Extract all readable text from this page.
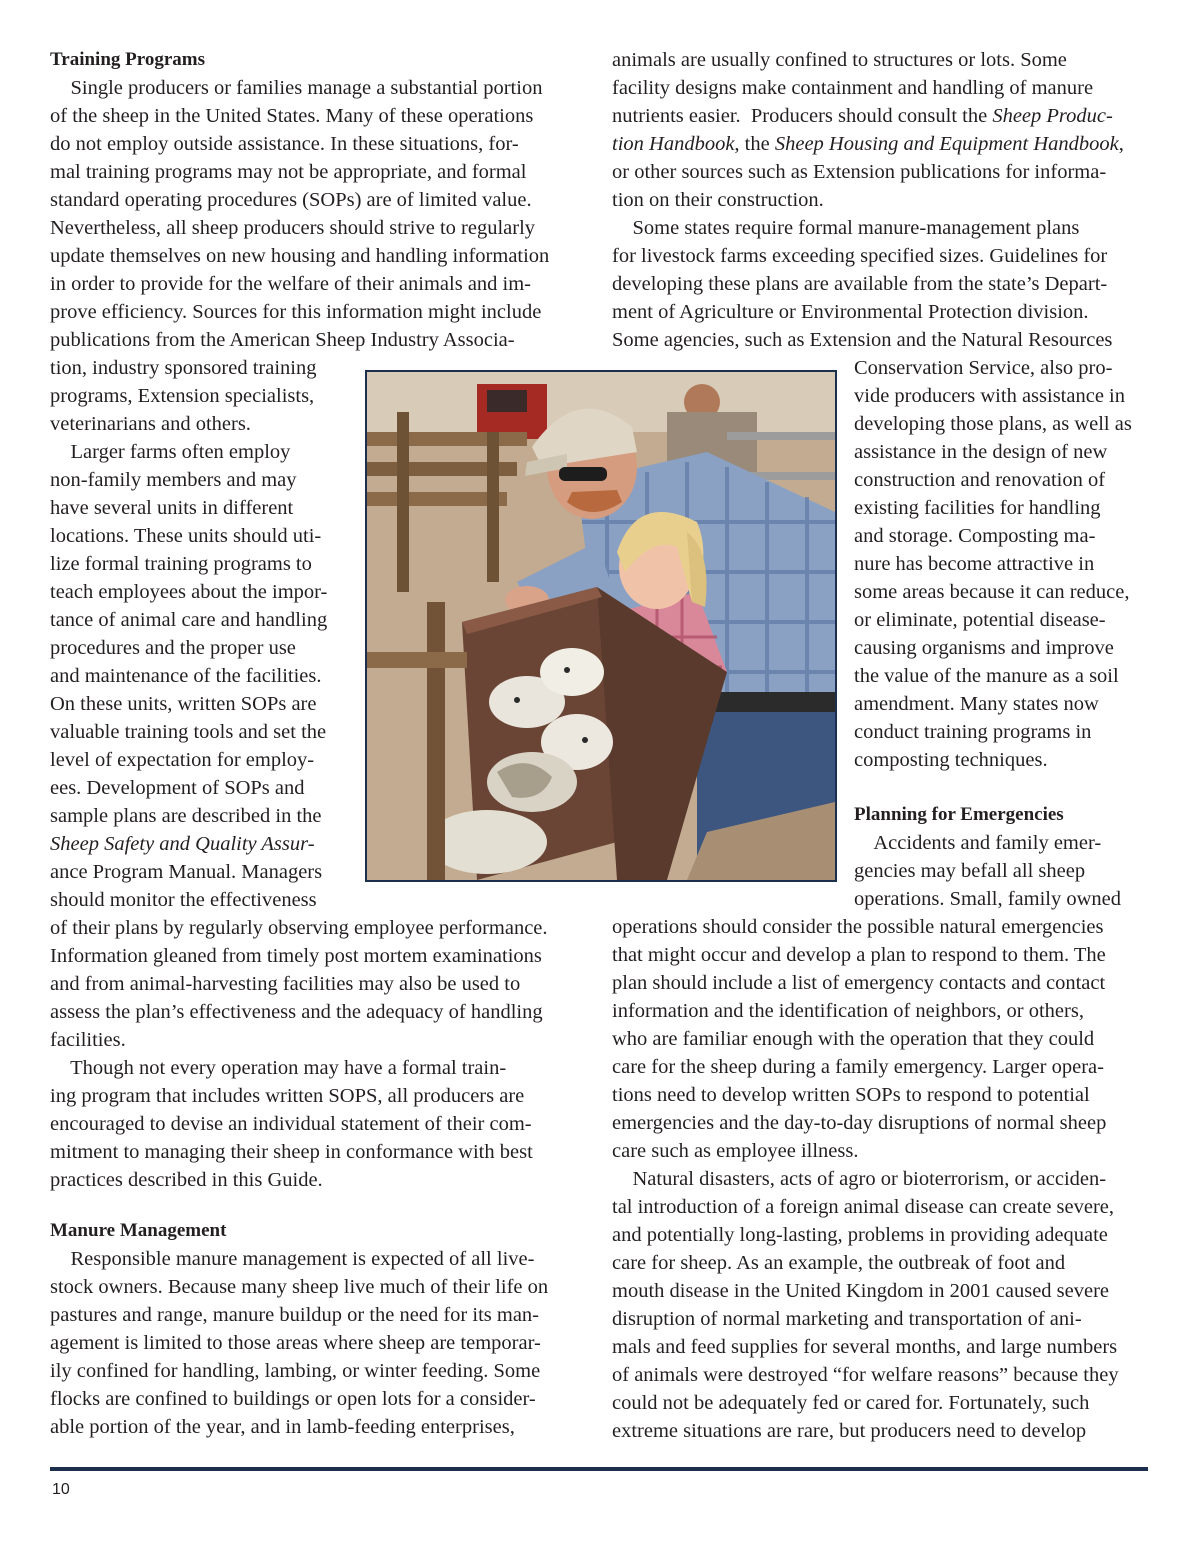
Training Programs

Single producers or families manage a substantial portion

of the sheep in the United States. Many of these operations

do not employ outside assistance. In these situations, for-

mal training programs may not be appropriate, and formal

standard operating procedures (SOPs) are of limited value.

Nevertheless, all sheep producers should strive to regularly

update themselves on new housing and handling information

in order to provide for the welfare of their animals and im-

prove efficiency. Sources for this information might include

publications from the American Sheep Industry Associa-

tion, industry sponsored training

programs, Extension specialists,

veterinarians and others.

Larger farms often employ

non-family members and may

have several units in different

locations. These units should uti-

lize formal training programs to

teach employees about the impor-

tance of animal care and handling

procedures and the proper use

and maintenance of the facilities.

On these units, written SOPs are

valuable training tools and set the

level of expectation for employ-

ees. Development of SOPs and

sample plans are described in the

Sheep Safety and Quality Assur-

ance Program Manual. Managers

should monitor the effectiveness

of their plans by regularly observing employee performance.

Information gleaned from timely post mortem examinations

and from animal-harvesting facilities may also be used to

assess the plan’s effectiveness and the adequacy of handling

facilities.

Though not every operation may have a formal train-

ing program that includes written SOPS, all producers are

encouraged to devise an individual statement of their com-

mitment to managing their sheep in conformance with best

practices described in this Guide.

Manure Management

Responsible manure management is expected of all live-

stock owners. Because many sheep live much of their life on

pastures and range, manure buildup or the need for its man-

agement is limited to those areas where sheep are temporar-

ily confined for handling, lambing, or winter feeding. Some

flocks are confined to buildings or open lots for a consider-

able portion of the year, and in lamb-feeding enterprises,

animals are usually confined to structures or lots. Some

facility designs make containment and handling of manure

nutrients easier.  Producers should consult the Sheep Produc-

tion Handbook, the Sheep Housing and Equipment Handbook,

or other sources such as Extension publications for informa-

tion on their construction.

Some states require formal manure-management plans

for livestock farms exceeding specified sizes. Guidelines for

developing these plans are available from the state’s Depart-

ment of Agriculture or Environmental Protection division.

Some agencies, such as Extension and the Natural Resources

Conservation Service, also pro-

vide producers with assistance in

developing those plans, as well as

assistance in the design of new

construction and renovation of

existing facilities for handling

and storage. Composting ma-

nure has become attractive in

some areas because it can reduce,

or eliminate, potential disease-

causing organisms and improve

the value of the manure as a soil

amendment. Many states now

conduct training programs in

composting techniques.

Planning for Emergencies

Accidents and family emer-

gencies may befall all sheep

operations. Small, family owned

operations should consider the possible natural emergencies

that might occur and develop a plan to respond to them. The

plan should include a list of emergency contacts and contact

information and the identification of neighbors, or others,

who are familiar enough with the operation that they could

care for the sheep during a family emergency. Larger opera-

tions need to develop written SOPs to respond to potential

emergencies and the day-to-day disruptions of normal sheep

care such as employee illness.

Natural disasters, acts of agro or bioterrorism, or acciden-

tal introduction of a foreign animal disease can create severe,

and potentially long-lasting, problems in providing adequate

care for sheep. As an example, the outbreak of foot and

mouth disease in the United Kingdom in 2001 caused severe

disruption of normal marketing and transportation of ani-

mals and feed supplies for several months, and large numbers

of animals were destroyed “for welfare reasons” because they

could not be adequately fed or cared for. Fortunately, such

extreme situations are rare, but producers need to develop

10
